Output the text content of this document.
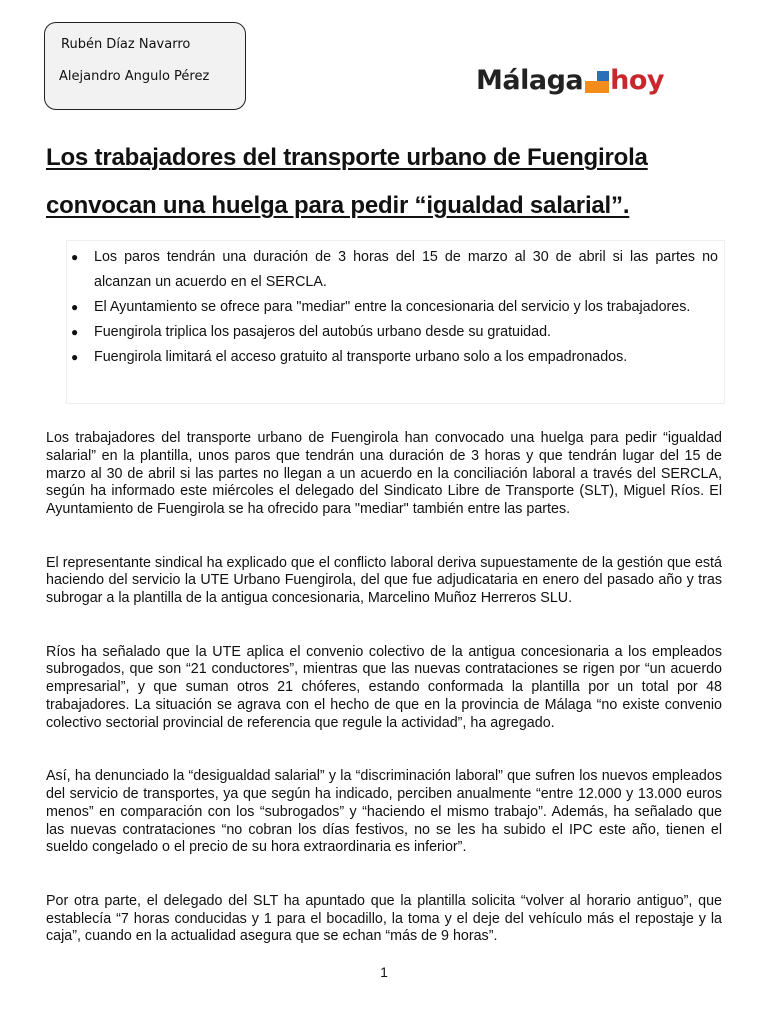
Rubén Díaz Navarro
Alejandro Angulo Pérez	Málaga hoy
Los trabajadores del transporte urbano de Fuengirola convocan una huelga para pedir “igualdad salarial”.
● Los paros tendrán una duración de 3 horas del 15 de marzo al 30 de abril si las partes no alcanzan un acuerdo en el SERCLA.
● El Ayuntamiento se ofrece para "mediar" entre la concesionaria del servicio y los trabajadores.
● Fuengirola triplica los pasajeros del autobús urbano desde su gratuidad.
● Fuengirola limitará el acceso gratuito al transporte urbano solo a los empadronados.

Los trabajadores del transporte urbano de Fuengirola han convocado una huelga para pedir “igualdad salarial” en la plantilla, unos paros que tendrán una duración de 3 horas y que tendrán lugar del 15 de marzo al 30 de abril si las partes no llegan a un acuerdo en la conciliación laboral a través del SERCLA, según ha informado este miércoles el delegado del Sindicato Libre de Transporte (SLT), Miguel Ríos. El Ayuntamiento de Fuengirola se ha ofrecido para "mediar" también entre las partes.

El representante sindical ha explicado que el conflicto laboral deriva supuestamente de la gestión que está haciendo del servicio la UTE Urbano Fuengirola, del que fue adjudicataria en enero del pasado año y tras subrogar a la plantilla de la antigua concesionaria, Marcelino Muñoz Herreros SLU.

Ríos ha señalado que la UTE aplica el convenio colectivo de la antigua concesionaria a los empleados subrogados, que son “21 conductores”, mientras que las nuevas contrataciones se rigen por “un acuerdo empresarial”, y que suman otros 21 chóferes, estando conformada la plantilla por un total por 48 trabajadores. La situación se agrava con el hecho de que en la provincia de Málaga “no existe convenio colectivo sectorial provincial de referencia que regule la actividad”, ha agregado.

Así, ha denunciado la “desigualdad salarial” y la “discriminación laboral” que sufren los nuevos empleados del servicio de transportes, ya que según ha indicado, perciben anualmente “entre 12.000 y 13.000 euros menos” en comparación con los “subrogados” y “haciendo el mismo trabajo”. Además, ha señalado que las nuevas contrataciones “no cobran los días festivos, no se les ha subido el IPC este año, tienen el sueldo congelado o el precio de su hora extraordinaria es inferior”.

Por otra parte, el delegado del SLT ha apuntado que la plantilla solicita “volver al horario antiguo”, que establecía “7 horas conducidas y 1 para el bocadillo, la toma y el deje del vehículo más el repostaje y la caja”, cuando en la actualidad asegura que se echan “más de 9 horas”.

1
